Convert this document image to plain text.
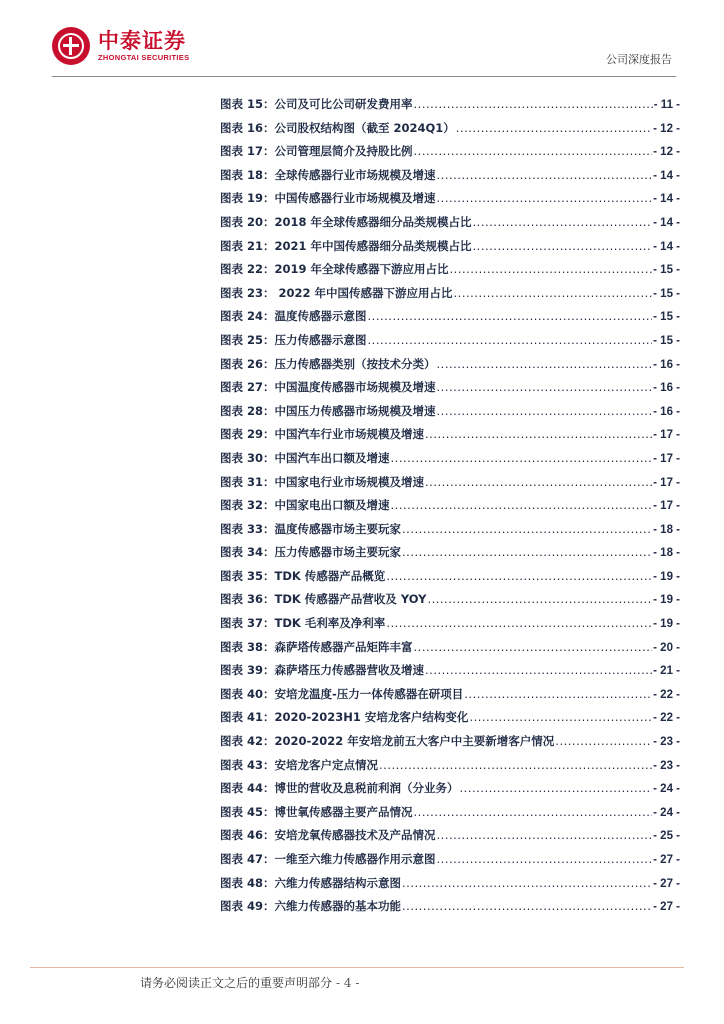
中泰证券
ZHONGTAI SECURITIES	公司深度报告
图表 15：公司及可比公司研发费用率 .....	- 11 -
图表 16：公司股权结构图（截至 2024Q1） .....	- 12 -
图表 17：公司管理层简介及持股比例 .....	- 12 -
图表 18：全球传感器行业市场规模及增速 .....	- 14 -
图表 19：中国传感器行业市场规模及增速 .....	- 14 -
图表 20：2018 年全球传感器细分品类规模占比 .....	- 14 -
图表 21：2021 年中国传感器细分品类规模占比 .....	- 14 -
图表 22：2019 年全球传感器下游应用占比 .....	- 15 -
图表 23： 2022 年中国传感器下游应用占比 .....	- 15 -
图表 24：温度传感器示意图 .....	- 15 -
图表 25：压力传感器示意图 .....	- 15 -
图表 26：压力传感器类别（按技术分类） .....	- 16 -
图表 27：中国温度传感器市场规模及增速 .....	- 16 -
图表 28：中国压力传感器市场规模及增速 .....	- 16 -
图表 29：中国汽车行业市场规模及增速 .....	- 17 -
图表 30：中国汽车出口额及增速 .....	- 17 -
图表 31：中国家电行业市场规模及增速 .....	- 17 -
图表 32：中国家电出口额及增速 .....	- 17 -
图表 33：温度传感器市场主要玩家 .....	- 18 -
图表 34：压力传感器市场主要玩家 .....	- 18 -
图表 35：TDK 传感器产品概览 .....	- 19 -
图表 36：TDK 传感器产品营收及 YOY .....	- 19 -
图表 37：TDK 毛利率及净利率 .....	- 19 -
图表 38：森萨塔传感器产品矩阵丰富 .....	- 20 -
图表 39：森萨塔压力传感器营收及增速 .....	- 21 -
图表 40：安培龙温度-压力一体传感器在研项目 .....	- 22 -
图表 41：2020-2023H1 安培龙客户结构变化 .....	- 22 -
图表 42：2020-2022 年安培龙前五大客户中主要新增客户情况 .....	- 23 -
图表 43：安培龙客户定点情况 .....	- 23 -
图表 44：博世的营收及息税前利润（分业务） .....	- 24 -
图表 45：博世氧传感器主要产品情况 .....	- 24 -
图表 46：安培龙氧传感器技术及产品情况 .....	- 25 -
图表 47：一维至六维力传感器作用示意图 .....	- 27 -
图表 48：六维力传感器结构示意图 .....	- 27 -
图表 49：六维力传感器的基本功能 .....	- 27 -
请务必阅读正文之后的重要声明部分 - 4 -
